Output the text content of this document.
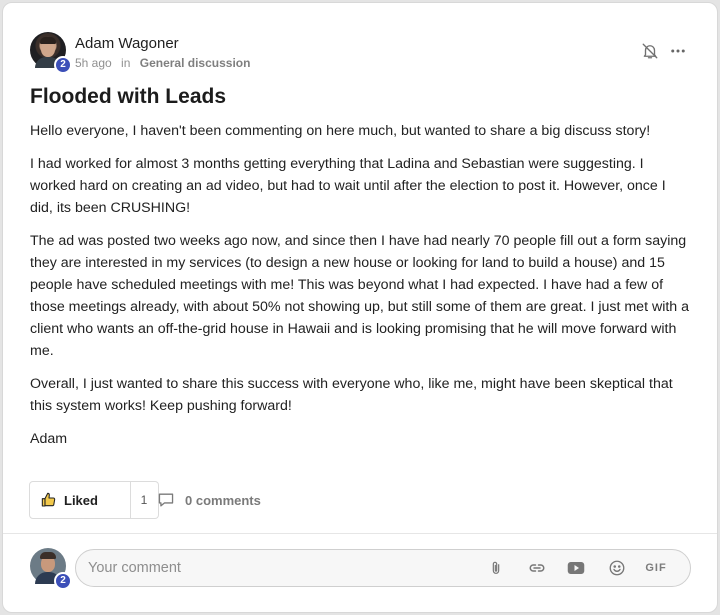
2
Adam Wagoner
5h ago in General discussion
Flooded with Leads

Hello everyone, I haven't been commenting on here much, but wanted to share a big discuss story!

I had worked for almost 3 months getting everything that Ladina and Sebastian were suggesting. I worked hard on creating an ad video, but had to wait until after the election to post it. However, once I did, its been CRUSHING!

The ad was posted two weeks ago now, and since then I have had nearly 70 people fill out a form saying they are interested in my services (to design a new house or looking for land to build a house) and 15 people have scheduled meetings with me! This was beyond what I had expected. I have had a few of those meetings already, with about 50% not showing up, but still some of them are great. I just met with a client who wants an off-the-grid house in Hawaii and is looking promising that he will move forward with me.

Overall, I just wanted to share this success with everyone who, like me, might have been skeptical that this system works! Keep pushing forward!

Adam

Liked	1	0 comments
2
Your comment
GIF
